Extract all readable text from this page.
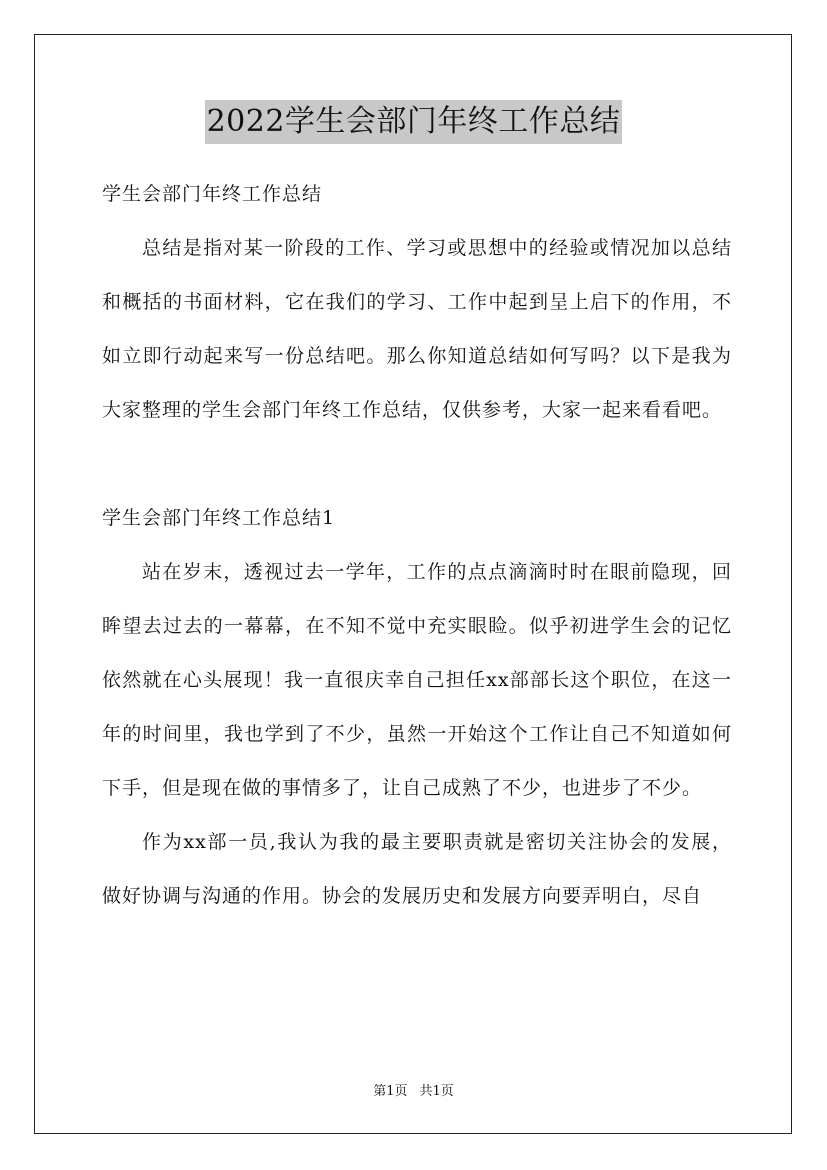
2022学生会部门年终工作总结

学生会部门年终工作总结

总结是指对某一阶段的工作、学习或思想中的经验或情况加以总结和概括的书面材料，它在我们的学习、工作中起到呈上启下的作用，不如立即行动起来写一份总结吧。那么你知道总结如何写吗？以下是我为大家整理的学生会部门年终工作总结，仅供参考，大家一起来看看吧。

学生会部门年终工作总结1

站在岁末，透视过去一学年，工作的点点滴滴时时在眼前隐现，回眸望去过去的一幕幕，在不知不觉中充实眼睑。似乎初进学生会的记忆依然就在心头展现！我一直很庆幸自己担任xx部部长这个职位，在这一年的时间里，我也学到了不少，虽然一开始这个工作让自己不知道如何下手，但是现在做的事情多了，让自己成熟了不少，也进步了不少。

作为xx部一员,我认为我的最主要职责就是密切关注协会的发展，做好协调与沟通的作用。协会的发展历史和发展方向要弄明白，尽自

第1页 共1页
